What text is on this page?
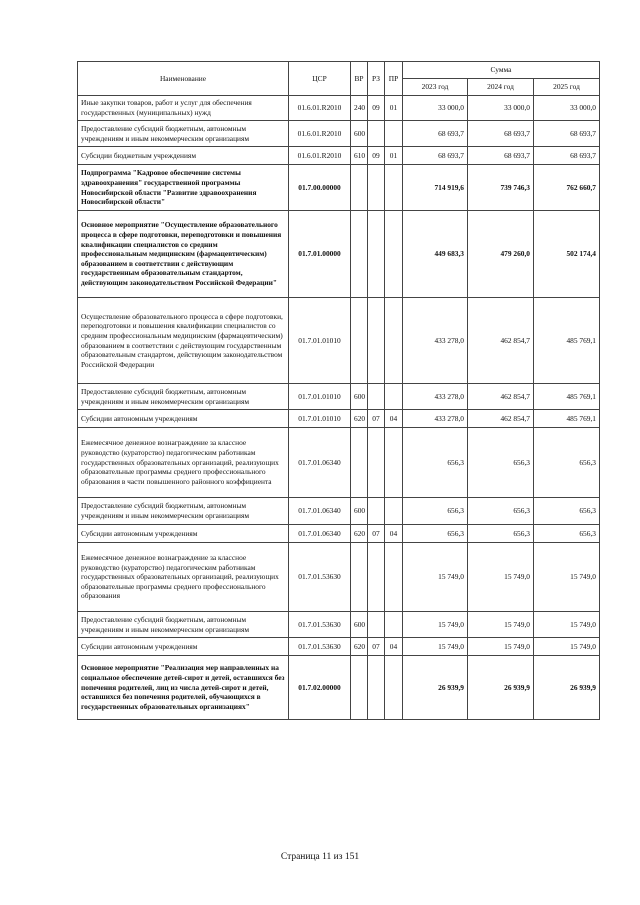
Наименование	ЦСР	ВР	РЗ	ПР	Сумма		
					2023 год	2024 год	2025 год
Иные закупки товаров, работ и услуг для обеспечения государственных (муниципальных) нужд	01.6.01.R2010	240	09	01	33 000,0	33 000,0	33 000,0
Предоставление субсидий бюджетным, автономным учреждениям и иным некоммерческим организациям	01.6.01.R2010	600			68 693,7	68 693,7	68 693,7
Субсидии бюджетным учреждениям	01.6.01.R2010	610	09	01	68 693,7	68 693,7	68 693,7
Подпрограмма "Кадровое обеспечение системы здравоохранения" государственной программы Новосибирской области "Развитие здравоохранения Новосибирской области"	01.7.00.00000				714 919,6	739 746,3	762 660,7
Основное мероприятие "Осуществление образовательного процесса в сфере подготовки, переподготовки и повышения квалификации специалистов со средним профессиональным медицинским (фармацевтическим) образованием в соответствии с действующим государственным образовательным стандартом, действующим законодательством Российской Федерации"	01.7.01.00000				449 683,3	479 260,0	502 174,4
Осуществление образовательного процесса в сфере подготовки, переподготовки и повышения квалификации специалистов со средним профессиональным медицинским (фармацевтическим) образованием в соответствии с действующим государственным образовательным стандартом, действующим законодательством Российской Федерации	01.7.01.01010				433 278,0	462 854,7	485 769,1
Предоставление субсидий бюджетным, автономным учреждениям и иным некоммерческим организациям	01.7.01.01010	600			433 278,0	462 854,7	485 769,1
Субсидии автономным учреждениям	01.7.01.01010	620	07	04	433 278,0	462 854,7	485 769,1
Ежемесячное денежное вознаграждение за классное руководство (кураторство) педагогическим работникам государственных образовательных организаций, реализующих образовательные программы среднего профессионального образования в части повышенного районного коэффициента	01.7.01.06340				656,3	656,3	656,3
Предоставление субсидий бюджетным, автономным учреждениям и иным некоммерческим организациям	01.7.01.06340	600			656,3	656,3	656,3
Субсидии автономным учреждениям	01.7.01.06340	620	07	04	656,3	656,3	656,3
Ежемесячное денежное вознаграждение за классное руководство (кураторство) педагогическим работникам государственных образовательных организаций, реализующих образовательные программы среднего профессионального образования	01.7.01.53630				15 749,0	15 749,0	15 749,0
Предоставление субсидий бюджетным, автономным учреждениям и иным некоммерческим организациям	01.7.01.53630	600			15 749,0	15 749,0	15 749,0
Субсидии автономным учреждениям	01.7.01.53630	620	07	04	15 749,0	15 749,0	15 749,0
Основное мероприятие "Реализация мер направленных на социальное обеспечение детей-сирот и детей, оставшихся без попечения родителей, лиц из числа детей-сирот и детей, оставшихся без попечения родителей, обучающихся в государственных образовательных организациях"	01.7.02.00000				26 939,9	26 939,9	26 939,9
Страница 11 из 151
